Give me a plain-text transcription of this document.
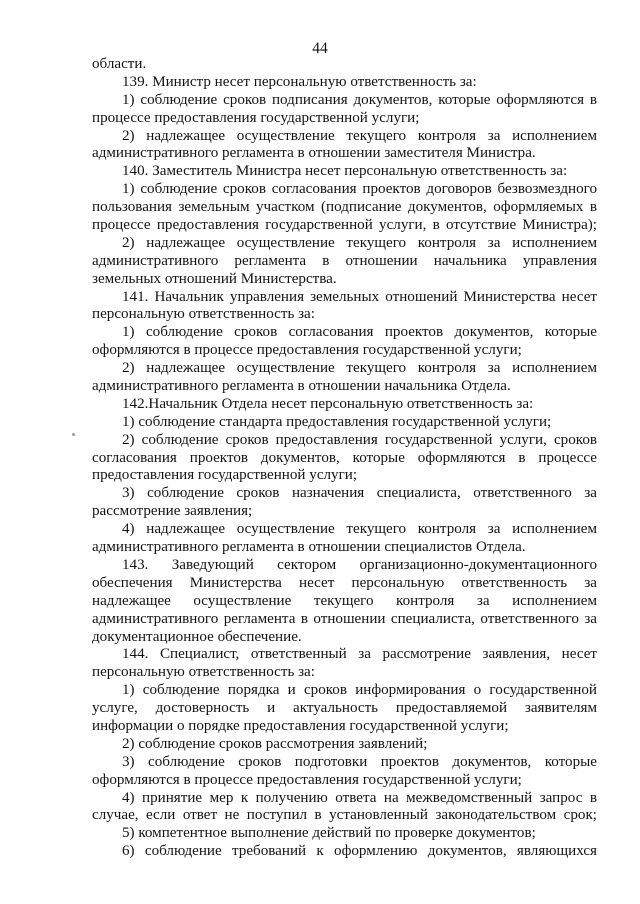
44
области.
139. Министр несет персональную ответственность за:
1) соблюдение сроков подписания документов, которые оформляются в
процессе предоставления государственной услуги;
2) надлежащее осуществление текущего контроля за исполнением
административного регламента в отношении заместителя Министра.
140. Заместитель Министра несет персональную ответственность за:
1) соблюдение сроков согласования проектов договоров безвозмездного
пользования земельным участком (подписание документов, оформляемых в
процессе предоставления государственной услуги, в отсутствие Министра);
2) надлежащее осуществление текущего контроля за исполнением
административного регламента в отношении начальника управления
земельных отношений Министерства.
141. Начальник управления земельных отношений Министерства несет
персональную ответственность за:
1) соблюдение сроков согласования проектов документов, которые
оформляются в процессе предоставления государственной услуги;
2) надлежащее осуществление текущего контроля за исполнением
административного регламента в отношении начальника Отдела.
142.Начальник Отдела несет персональную ответственность за:
1) соблюдение стандарта предоставления государственной услуги;
2) соблюдение сроков предоставления государственной услуги, сроков
согласования проектов документов, которые оформляются в процессе
предоставления государственной услуги;
3) соблюдение сроков назначения специалиста, ответственного за
рассмотрение заявления;
4) надлежащее осуществление текущего контроля за исполнением
административного регламента в отношении специалистов Отдела.
143. Заведующий сектором организационно-документационного
обеспечения Министерства несет персональную ответственность за
надлежащее осуществление текущего контроля за исполнением
административного регламента в отношении специалиста, ответственного за
документационное обеспечение.
144. Специалист, ответственный за рассмотрение заявления, несет
персональную ответственность за:
1) соблюдение порядка и сроков информирования о государственной
услуге, достоверность и актуальность предоставляемой заявителям
информации о порядке предоставления государственной услуги;
2) соблюдение сроков рассмотрения заявлений;
3) соблюдение сроков подготовки проектов документов, которые
оформляются в процессе предоставления государственной услуги;
4) принятие мер к получению ответа на межведомственный запрос в
случае, если ответ не поступил в установленный законодательством срок;
5) компетентное выполнение действий по проверке документов;
6) соблюдение требований к оформлению документов, являющихся
